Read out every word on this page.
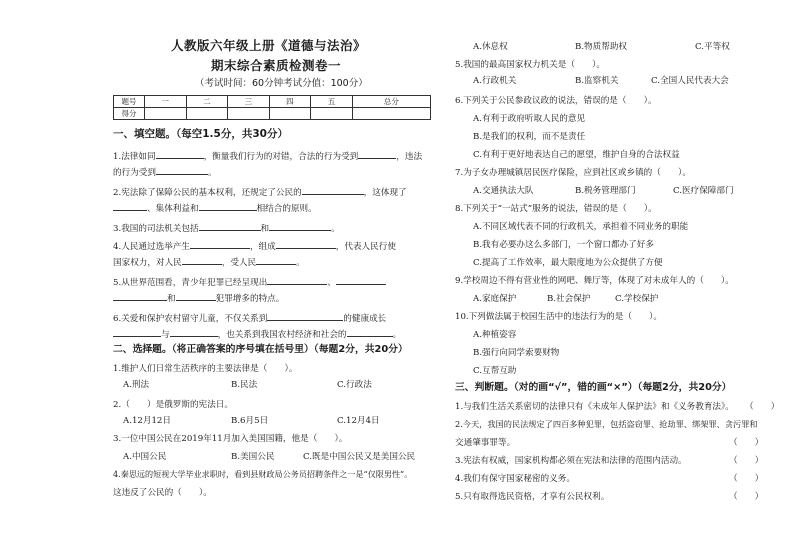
人教版六年级上册《道德与法治》
期末综合素质检测卷一
（考试时间：60分钟考试分值：100分）
题号	一	二	三	四	五	总分
得分						
一、填空题。（每空1.5分，共30分）
1.法律如同	，衡量我们行为的对错，合法的行为受到	，违法
的行为受到	。
2.宪法除了保障公民的基本权利，还规定了公民的	，这体现了
、集体利益和	相结合的原则。
3.我国的司法机关包括	和	。
4.人民通过选举产生	，组成	，代表人民行使
国家权力，对人民	，受人民	。
5.从世界范围看，青少年犯罪已经呈现出	、
和	犯罪增多的特点。
6.关爱和保护农村留守儿童，不仅关系到	的健康成长
与	，也关系到我国农村经济和社会的	。
二、选择题。（将正确答案的序号填在括号里）（每题2分，共20分）
1.维护人们日常生活秩序的主要法律是（　　）。
A.刑法	B.民法	C.行政法
2.（　　）是俄罗斯的宪法日。
A.12月12日	B.6月5日	C.12月4日
3.一位中国公民在2019年11月加入美国国籍，他是（　　）。
A.中国公民	B.美国公民	C.既是中国公民又是美国公民
4.秦思远的短视大学毕业求职时，看到县财政局公务员招聘条件之一是“仅限男性”。
这违反了公民的（　　）。
A.休息权	B.物质帮助权	C.平等权
5.我国的最高国家权力机关是（　　）。
A.行政机关	B.监察机关	C.全国人民代表大会
6.下列关于公民参政议政的说法，错误的是（　　）。
A.有利于政府听取人民的意见
B.是我们的权利，而不是责任
C.有利于更好地表达自己的愿望，维护自身的合法权益
7.为子女办理城镇居民医疗保险，应到社区或乡镇的（　　）。
A.交通执法大队	B.税务管理部门	C.医疗保障部门
8.下列关于“一站式”服务的说法，错误的是（　　）。
A.不同区域代表不同的行政机关，承担着不同业务的职能
B.我有必要办这么多部门，一个窗口都办了好多
C.提高了工作效率，最大限度地为公众提供了方便
9.学校周边不得有营业性的网吧、舞厅等，体现了对未成年人的（　　）。
A.家庭保护	B.社会保护	C.学校保护
10.下列做法属于校园生活中的违法行为的是（　　）。
A.种植姿容
B.强行向同学索要财物
C.互帮互助
三、判断题。（对的画“√”，错的画“×”）（每题2分，共20分）
1.与我们生活关系密切的法律只有《未成年人保护法》和《义务教育法》。 （　　）
2.今天，我国的民法规定了四百多种犯罪，包括盗窃罪、抢劫罪、绑架罪、贪污罪和
交通肇事罪等。	（　　）
3.宪法有权威，国家机构都必须在宪法和法律的范围内活动。	（　　）
4.我们有保守国家秘密的义务。	（　　）
5.只有取得选民资格，才享有公民权利。	（　　）
